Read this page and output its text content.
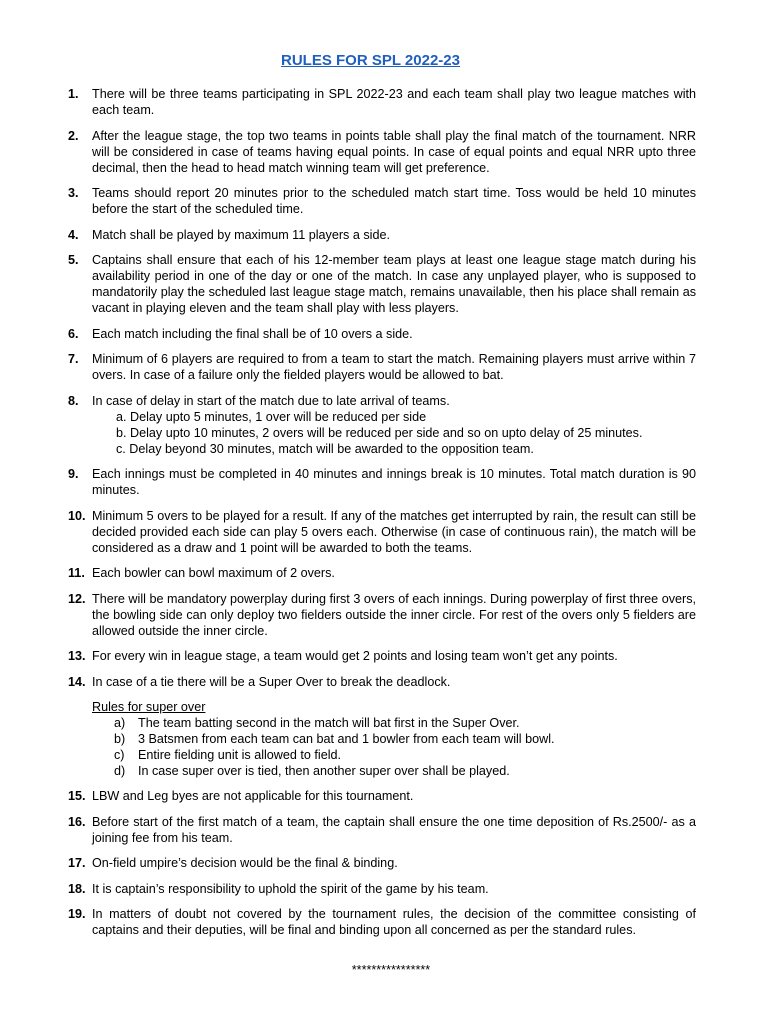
RULES FOR SPL 2022-23
1.	There will be three teams participating in SPL 2022-23 and each team shall play two league matches with each team.
2.	After the league stage, the top two teams in points table shall play the final match of the tournament. NRR will be considered in case of teams having equal points. In case of equal points and equal NRR upto three decimal, then the head to head match winning team will get preference.
3.	Teams should report 20 minutes prior to the scheduled match start time. Toss would be held 10 minutes before the start of the scheduled time.
4.	Match shall be played by maximum 11 players a side.
5.	Captains shall ensure that each of his 12-member team plays at least one league stage match during his availability period in one of the day or one of the match. In case any unplayed player, who is supposed to mandatorily play the scheduled last league stage match, remains unavailable, then his place shall remain as vacant in playing eleven and the team shall play with less players.
6.	Each match including the final shall be of 10 overs a side.
7.	Minimum of 6 players are required to from a team to start the match. Remaining players must arrive within 7 overs. In case of a failure only the fielded players would be allowed to bat.
8.	In case of delay in start of the match due to late arrival of teams.
a. Delay upto 5 minutes, 1 over will be reduced per side
b. Delay upto 10 minutes, 2 overs will be reduced per side and so on upto delay of 25 minutes.
c. Delay beyond 30 minutes, match will be awarded to the opposition team.
9.	Each innings must be completed in 40 minutes and innings break is 10 minutes. Total match duration is 90 minutes.
10. Minimum 5 overs to be played for a result. If any of the matches get interrupted by rain, the result can still be decided provided each side can play 5 overs each. Otherwise (in case of continuous rain), the match will be considered as a draw and 1 point will be awarded to both the teams.
11. Each bowler can bowl maximum of 2 overs.
12. There will be mandatory powerplay during first 3 overs of each innings. During powerplay of first three overs, the bowling side can only deploy two fielders outside the inner circle. For rest of the overs only 5 fielders are allowed outside the inner circle.
13. For every win in league stage, a team would get 2 points and losing team won’t get any points.
14. In case of a tie there will be a Super Over to break the deadlock.
Rules for super over
a)	The team batting second in the match will bat first in the Super Over.
b)	3 Batsmen from each team can bat and 1 bowler from each team will bowl.
c)	Entire fielding unit is allowed to field.
d)	In case super over is tied, then another super over shall be played.
15. LBW and Leg byes are not applicable for this tournament.
16. Before start of the first match of a team, the captain shall ensure the one time deposition of Rs.2500/- as a joining fee from his team.
17. On-field umpire’s decision would be the final & binding.
18. It is captain’s responsibility to uphold the spirit of the game by his team.
19. In matters of doubt not covered by the tournament rules, the decision of the committee consisting of captains and their deputies, will be final and binding upon all concerned as per the standard rules.
****************
